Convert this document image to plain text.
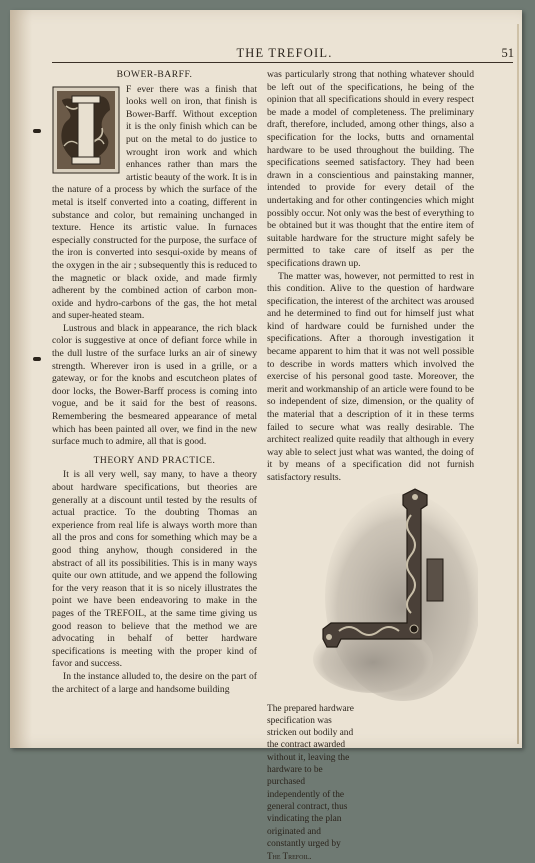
THE TREFOIL.	51
BOWER-BARFF.

F ever there was a finish that looks well on iron, that finish is Bower-Barff. Without exception it is the only finish which can be put on the metal to do justice to wrought iron work and which enhances rather than mars the artistic beauty of the work. It is in the nature of a process by which the surface of the metal is itself converted into a coating, different in substance and color, but remaining unchanged in texture. Hence its artistic value. In furnaces especially constructed for the purpose, the surface of the iron is converted into sesqui-oxide by means of the oxygen in the air ; subsequently this is reduced to the magnetic or black oxide, and made firmly adherent by the combined action of carbon mon-oxide and hydro-carbons of the gas, the hot metal and super-heated steam.

Lustrous and black in appearance, the rich black color is suggestive at once of defiant force while in the dull lustre of the surface lurks an air of sinewy strength. Wherever iron is used in a grille, or a gateway, or for the knobs and escutcheon plates of door locks, the Bower-Barff process is coming into vogue, and be it said for the best of reasons. Remembering the besmeared appearance of metal which has been painted all over, we find in the new surface much to admire, all that is good.

THEORY AND PRACTICE.

It is all very well, say many, to have a theory about hardware specifications, but theories are generally at a discount until tested by the results of actual practice. To the doubting Thomas an experience from real life is always worth more than all the pros and cons for something which may be a good thing anyhow, though considered in the abstract of all its possibilities. This is in many ways quite our own attitude, and we append the following for the very reason that it is so nicely illustrates the point we have been endeavoring to make in the pages of the TREFOIL, at the same time giving us good reason to believe that the method we are advocating in behalf of better hardware specifications is meeting with the proper kind of favor and success.

In the instance alluded to, the desire on the part of the architect of a large and handsome building

was particularly strong that nothing whatever should be left out of the specifications, he being of the opinion that all specifications should in every respect be made a model of completeness. The preliminary draft, therefore, included, among other things, also a specification for the locks, butts and ornamental hardware to be used throughout the building. The specifications seemed satisfactory. They had been drawn in a conscientious and painstaking manner, intended to provide for every detail of the undertaking and for other contingencies which might possibly occur. Not only was the best of everything to be obtained but it was thought that the entire item of suitable hardware for the structure might safely be permitted to take care of itself as per the specifications drawn up.

The matter was, however, not permitted to rest in this condition. Alive to the question of hardware specification, the interest of the architect was aroused and he determined to find out for himself just what kind of hardware could be furnished under the specifications. After a thorough investigation it became apparent to him that it was not well possible to describe in words matters which involved the exercise of his personal good taste. Moreover, the merit and workmanship of an article were found to be so independent of size, dimension, or the quality of the material that a description of it in these terms failed to secure what was really desirable. The architect realized quite readily that although in every way able to select just what was wanted, the doing of it by means of a specification did not furnish satisfactory results.

The prepared hardware specification was stricken out bodily and the contract awarded without it, leaving the hardware to be purchased independently of the general contract, thus vindicating the plan originated and constantly urged by The Trefoil.
